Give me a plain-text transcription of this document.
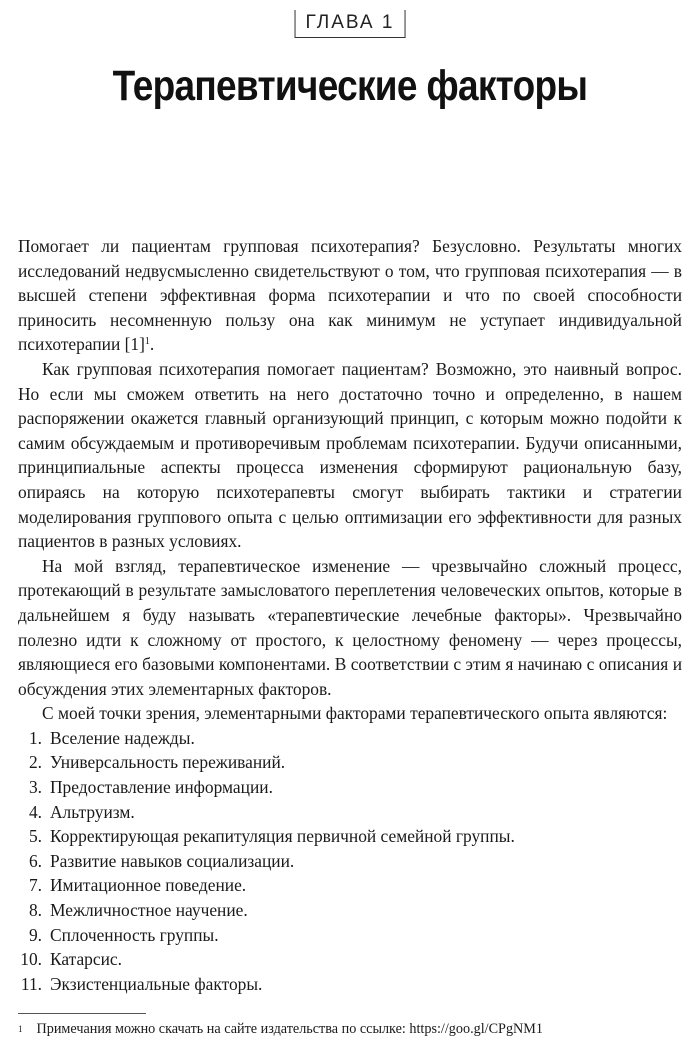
ГЛАВА 1
Терапевтические факторы

Помогает ли пациентам групповая психотерапия? Безусловно. Результаты многих исследований недвусмысленно свидетельствуют о том, что групповая психотерапия — в высшей степени эффективная форма психотерапии и что по своей способности приносить несомненную пользу она как минимум не уступает индивидуальной психотерапии $[1]^1$.

Как групповая психотерапия помогает пациентам? Возможно, это наивный вопрос. Но если мы сможем ответить на него достаточно точно и определенно, в нашем распоряжении окажется главный организующий принцип, с которым можно подойти к самим обсуждаемым и противоречивым проблемам психотерапии. Будучи описанными, принципиальные аспекты процесса изменения сформируют рациональную базу, опираясь на которую психотерапевты смогут выбирать тактики и стратегии моделирования группового опыта с целью оптимизации его эффективности для разных пациентов в разных условиях.

На мой взгляд, терапевтическое изменение — чрезвычайно сложный процесс, протекающий в результате замысловатого переплетения человеческих опытов, которые в дальнейшем я буду называть «терапевтические лечебные факторы». Чрезвычайно полезно идти к сложному от простого, к целостному феномену — через процессы, являющиеся его базовыми компонентами. В соответствии с этим я начинаю с описания и обсуждения этих элементарных факторов.

С моей точки зрения, элементарными факторами терапевтического опыта являются:

1. Вселение надежды.
2. Универсальность переживаний.
3. Предоставление информации.
4. Альтруизм.
5. Корректирующая рекапитуляция первичной семейной группы.
6. Развитие навыков социализации.
7. Имитационное поведение.
8. Межличностное научение.
9. Сплоченность группы.
10. Катарсис.
11. Экзистенциальные факторы.
$^1$ Примечания можно скачать на сайте издательства по ссылке: https://goo.gl/CPgNM1
